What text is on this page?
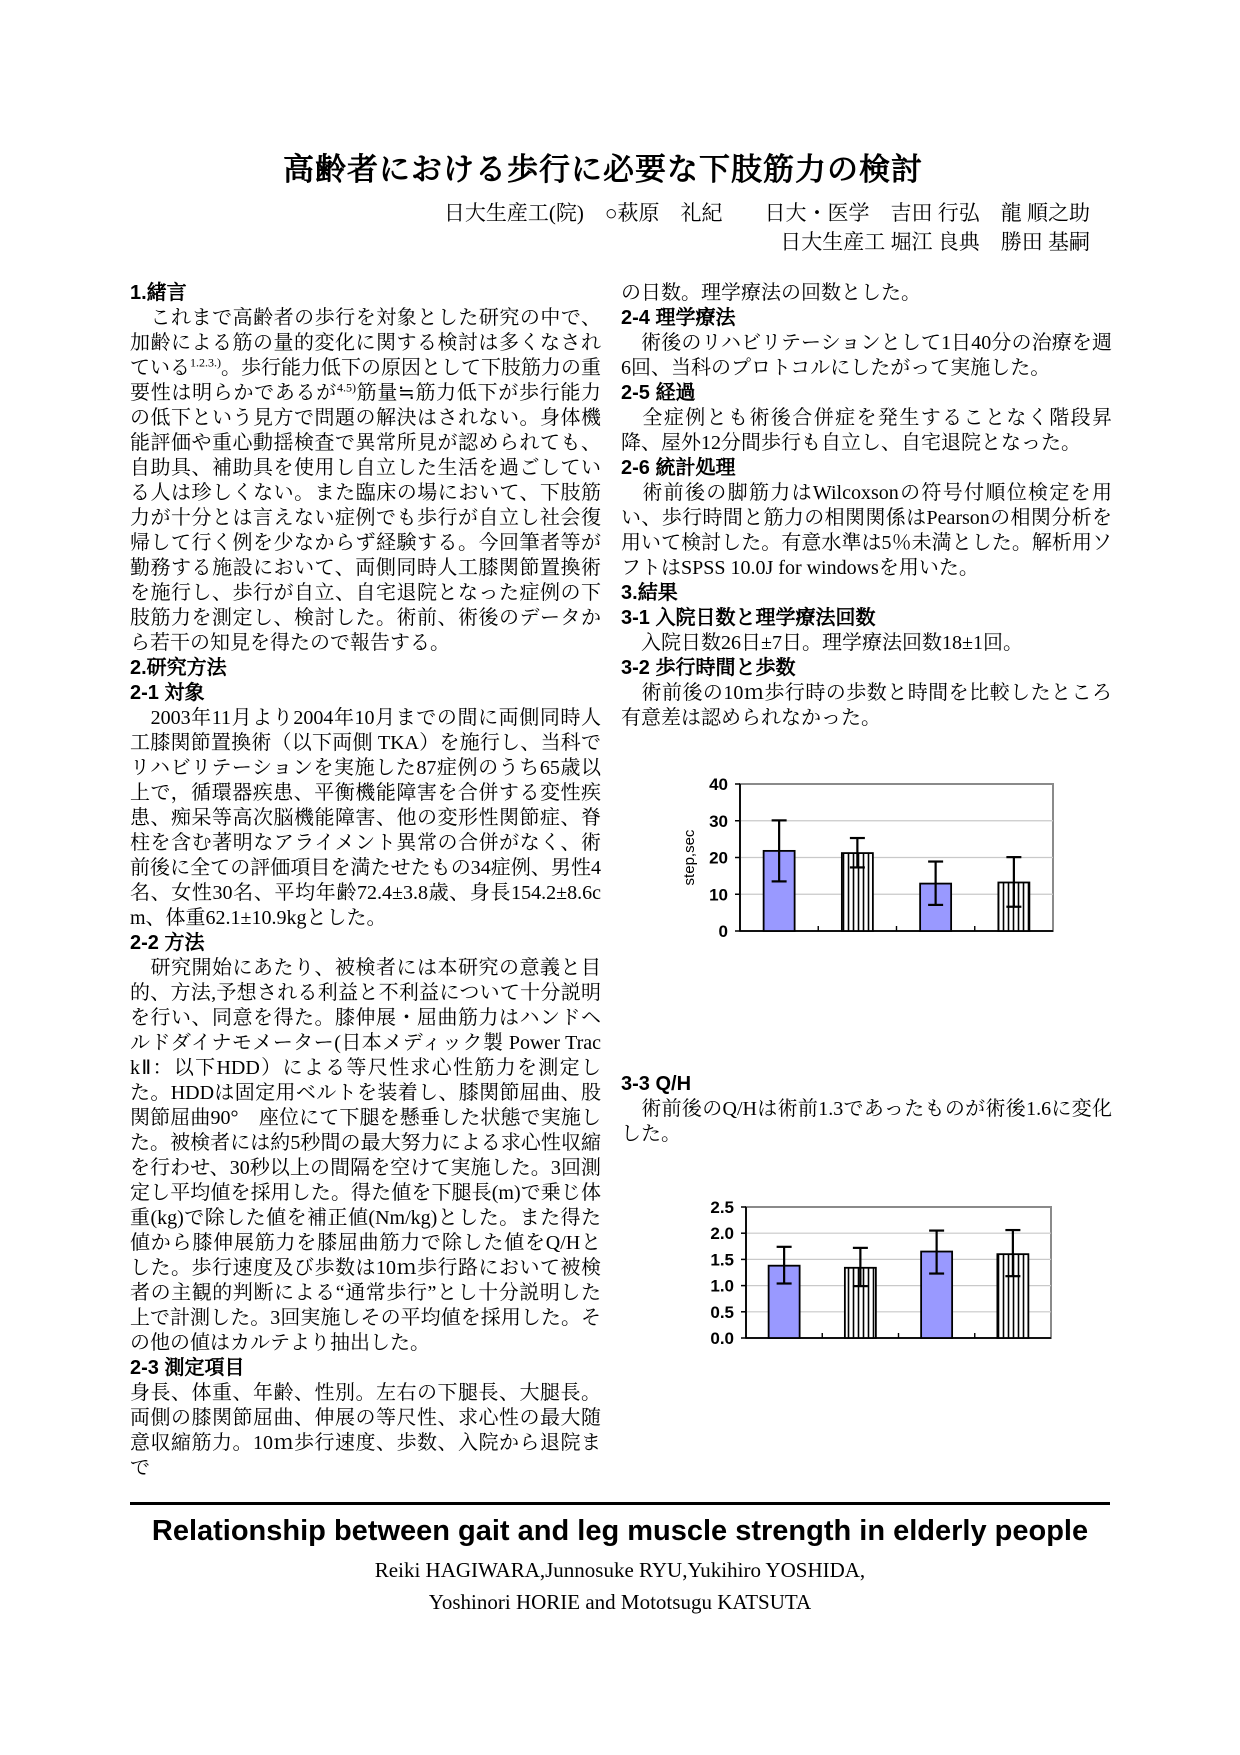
高齢者における歩行に必要な下肢筋力の検討
日大生産工(院)　○萩原　礼紀　　日大・医学　吉田 行弘　龍 順之助
日大生産工 堀江 良典　勝田 基嗣
1.緒言
　これまで高齢者の歩行を対象とした研究の中で、加齢による筋の量的変化に関する検討は多くなされている$^{1.2.3.)}$。歩行能力低下の原因として下肢筋力の重要性は明らかであるが$^{4.5)}$筋量≒筋力低下が歩行能力の低下という見方で問題の解決はされない。身体機能評価や重心動揺検査で異常所見が認められても、自助具、補助具を使用し自立した生活を過ごしている人は珍しくない。また臨床の場において、下肢筋力が十分とは言えない症例でも歩行が自立し社会復帰して行く例を少なからず経験する。今回筆者等が勤務する施設において、両側同時人工膝関節置換術を施行し、歩行が自立、自宅退院となった症例の下肢筋力を測定し、検討した。術前、術後のデータから若干の知見を得たので報告する。
2.研究方法
2-1 対象
　2003年11月より2004年10月までの間に両側同時人工膝関節置換術（以下両側 TKA）を施行し、当科でリハビリテーションを実施した87症例のうち65歳以上で，循環器疾患、平衡機能障害を合併する変性疾患、痴呆等高次脳機能障害、他の変形性関節症、脊柱を含む著明なアライメント異常の合併がなく、術前後に全ての評価項目を満たせたもの34症例、男性4名、女性30名、平均年齢72.4±3.8歳、身長154.2±8.6cm、体重62.1±10.9kgとした。
2-2 方法
　研究開始にあたり、被検者には本研究の意義と目的、方法,予想される利益と不利益について十分説明を行い、同意を得た。膝伸展・屈曲筋力はハンドヘルドダイナモメーター(日本メディック製 Power TrackⅡ：以下HDD）による等尺性求心性筋力を測定した。HDDは固定用ベルトを装着し、膝関節屈曲、股関節屈曲90°　座位にて下腿を懸垂した状態で実施した。被検者には約5秒間の最大努力による求心性収縮を行わせ、30秒以上の間隔を空けて実施した。3回測定し平均値を採用した。得た値を下腿長(m)で乗じ体重(kg)で除した値を補正値(Nm/kg)とした。また得た値から膝伸展筋力を膝屈曲筋力で除した値をQ/Hとした。歩行速度及び歩数は10ｍ歩行路において被検者の主観的判断による“通常歩行”とし十分説明した上で計測した。3回実施しその平均値を採用した。その他の値はカルテより抽出した。
2-3 測定項目
身長、体重、年齢、性別。左右の下腿長、大腿長。両側の膝関節屈曲、伸展の等尺性、求心性の最大随意収縮筋力。10ｍ歩行速度、歩数、入院から退院まで
の日数。理学療法の回数とした。
2-4 理学療法
　術後のリハビリテーションとして1日40分の治療を週6回、当科のプロトコルにしたがって実施した。
2-5 経過
　全症例とも術後合併症を発生することなく階段昇降、屋外12分間歩行も自立し、自宅退院となった。
2-6 統計処理
　術前後の脚筋力はWilcoxsonの符号付順位検定を用い、歩行時間と筋力の相関関係はPearsonの相関分析を用いて検討した。有意水準は5％未満とした。解析用ソフトはSPSS 10.0J for windowsを用いた。
3.結果
3-1 入院日数と理学療法回数
　入院日数26日±7日。理学療法回数18±1回。
3-2 歩行時間と歩数
　術前後の10ｍ歩行時の歩数と時間を比較したところ有意差は認められなかった。
0
10
20
30
40
step,sec
3-3 Q/H
　術前後のQ/Hは術前1.3であったものが術後1.6に変化した。
0.0
0.5
1.0
1.5
2.0
2.5
Relationship between gait and leg muscle strength in elderly people
Reiki HAGIWARA,Junnosuke RYU,Yukihiro YOSHIDA,
Yoshinori HORIE and Mototsugu KATSUTA
